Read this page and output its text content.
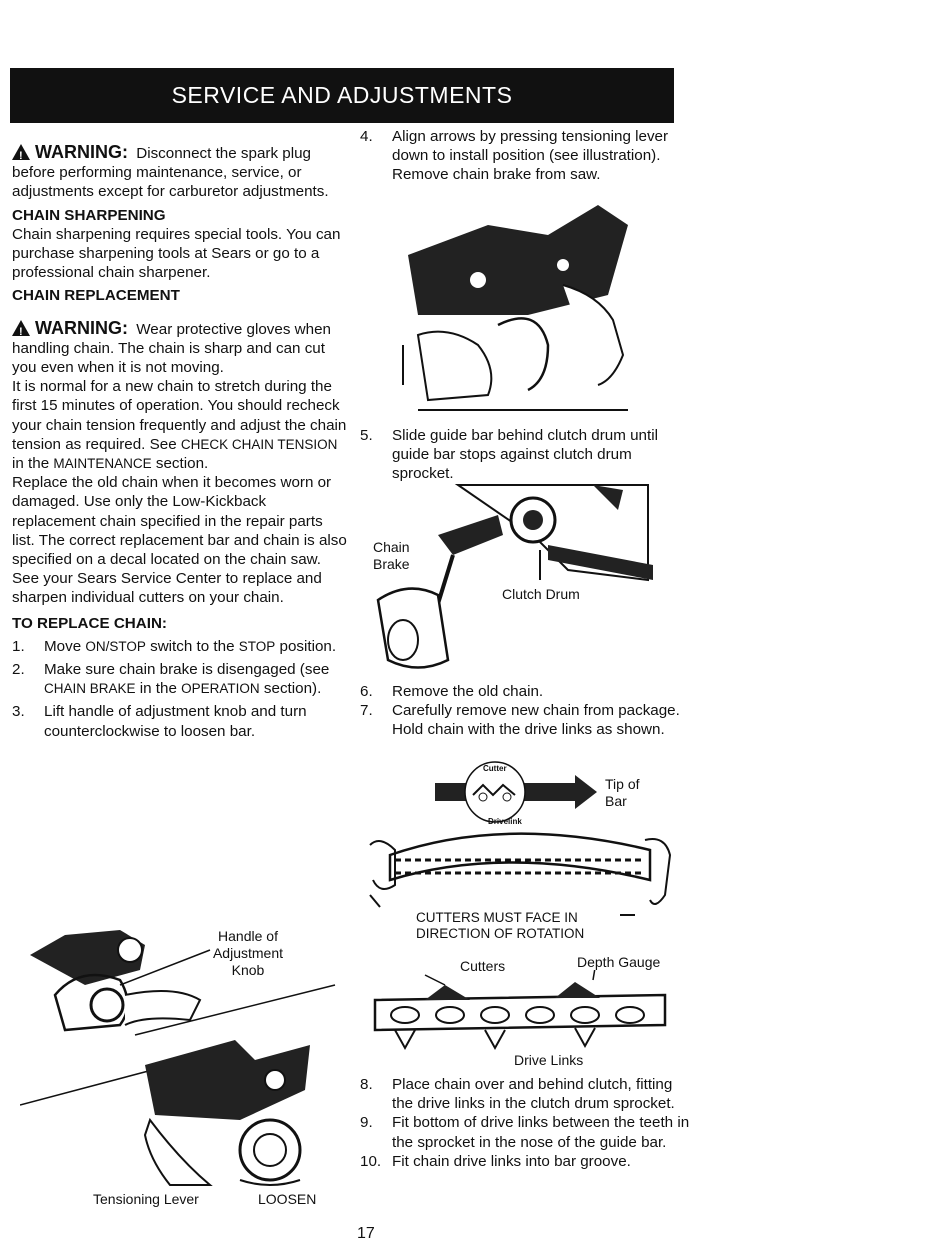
SERVICE AND ADJUSTMENTS

!WARNING: Disconnect the spark plug before performing maintenance, service, or adjustments except for carburetor adjustments.

CHAIN SHARPENING

Chain sharpening requires special tools. You can purchase sharpening tools at Sears or go to a professional chain sharpener.

CHAIN REPLACEMENT

!WARNING: Wear protective gloves when handling chain. The chain is sharp and can cut you even when it is not moving.

It is normal for a new chain to stretch during the first 15 minutes of operation. You should recheck your chain tension frequently and adjust the chain tension as required. See CHECK CHAIN TENSION in the MAINTENANCE section.

Replace the old chain when it becomes worn or damaged. Use only the Low-Kickback replacement chain specified in the repair parts list. The correct replacement bar and chain is also specified on a decal located on the chain saw.

See your Sears Service Center to replace and sharpen individual cutters on your chain.

TO REPLACE CHAIN:

1.	Move ON/STOP switch to the STOP position.
2.	Make sure chain brake is disengaged (see CHAIN BRAKE in the OPERATION section).
3.	Lift handle of adjustment knob and turn counterclockwise to loosen bar.
Handle of
Adjustment
Knob
Tensioning Lever	LOOSEN
4.	Align arrows by pressing tensioning lever down to install position (see illustration). Remove chain brake from saw.
5.	Slide guide bar behind clutch drum until guide bar stops against clutch drum sprocket.
Chain
Brake
Clutch Drum
6.	Remove the old chain.
7.	Carefully remove new chain from package. Hold chain with the drive links as shown.
Cutter
Drivelink
Tip of
Bar
CUTTERS MUST FACE IN
DIRECTION OF ROTATION
Cutters	Depth Gauge
Drive Links
8.	Place chain over and behind clutch, fitting the drive links in the clutch drum sprocket.
9.	Fit bottom of drive links between the teeth in the sprocket in the nose of the guide bar.
10. Fit chain drive links into bar groove.
17
